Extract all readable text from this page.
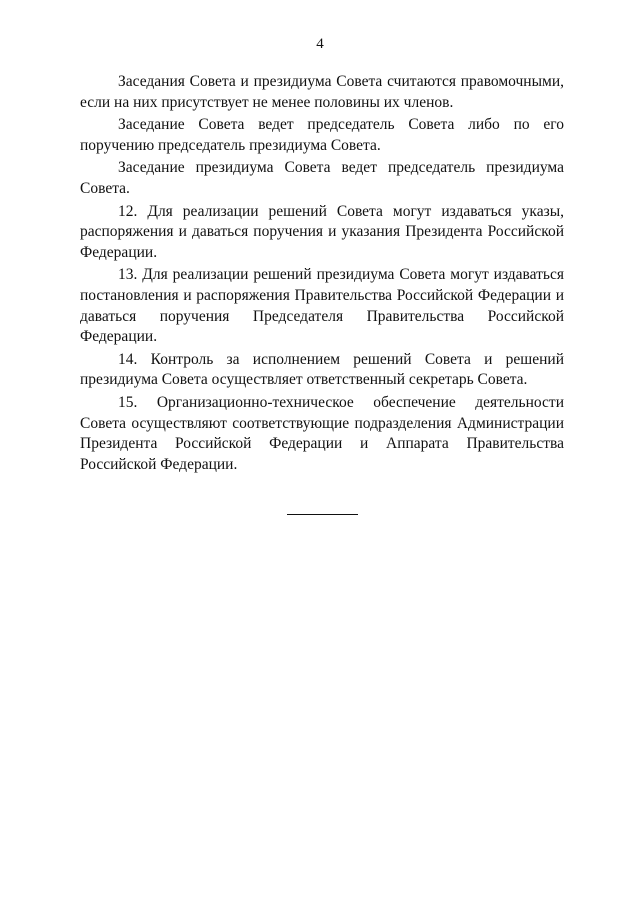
4

Заседания Совета и президиума Совета считаются правомочными, если на них присутствует не менее половины их членов.

Заседание Совета ведет председатель Совета либо по его поручению председатель президиума Совета.

Заседание президиума Совета ведет председатель президиума Совета.

12. Для реализации решений Совета могут издаваться указы, распоряжения и даваться поручения и указания Президента Российской Федерации.

13. Для реализации решений президиума Совета могут издаваться постановления и распоряжения Правительства Российской Федерации и даваться поручения Председателя Правительства Российской Федерации.

14. Контроль за исполнением решений Совета и решений президиума Совета осуществляет ответственный секретарь Совета.

15. Организационно-техническое обеспечение деятельности Совета осуществляют соответствующие подразделения Администрации Президента Российской Федерации и Аппарата Правительства Российской Федерации.
